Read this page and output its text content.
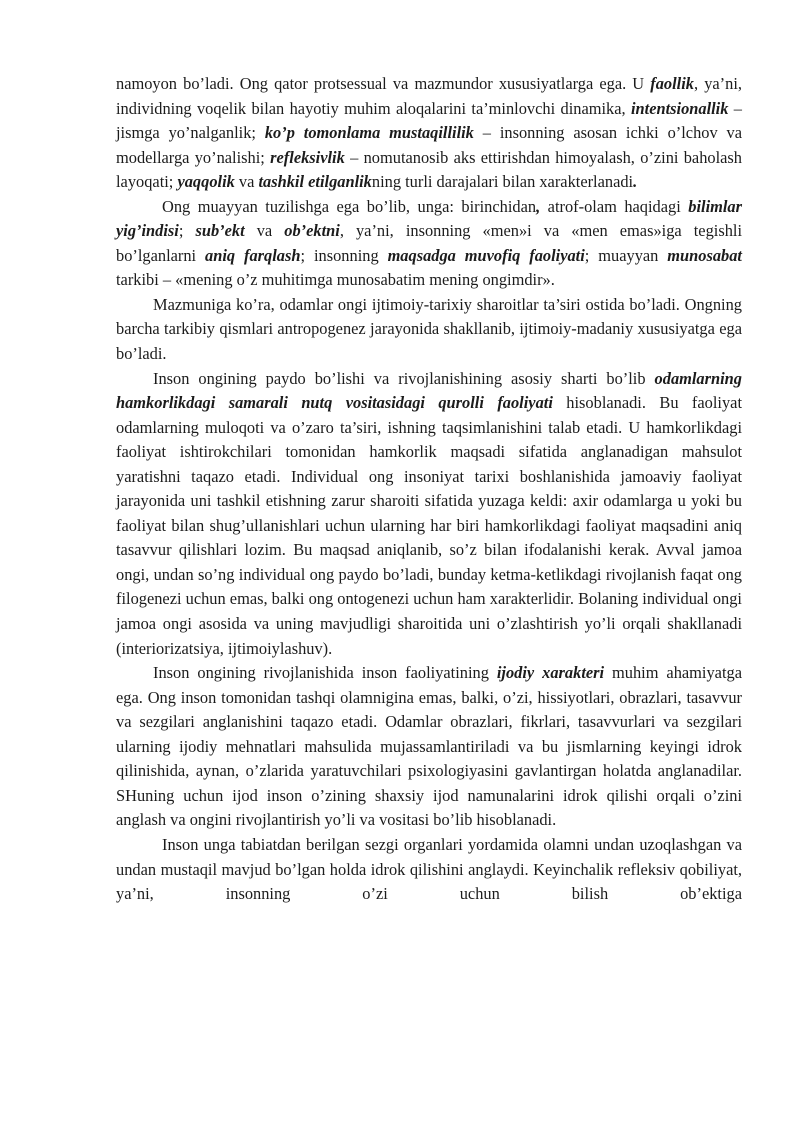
namoyon bo’ladi. Ong qator protsessual va mazmundor xususiyatlarga ega. U faollik, ya’ni, individning voqelik bilan hayotiy muhim aloqalarini ta’minlovchi dinamika, intentsionallik – jismga yo’nalganlik; ko’p tomonlama mustaqillilik – insonning asosan ichki o’lchov va modellarga yo’nalishi; refleksivlik – nomutanosib aks ettirishdan himoyalash, o’zini baholash layoqati; yaqqolik va tashkil etilganlikning turli darajalari bilan xarakterlanadi.

Ong muayyan tuzilishga ega bo’lib, unga: birinchidan, atrof-olam haqidagi bilimlar yig’indisi; sub’ekt va ob’ektni, ya’ni, insonning «men»i va «men emas»iga tegishli bo’lganlarni aniq farqlash; insonning maqsadga muvofiq faoliyati; muayyan munosabat tarkibi – «mening o’z muhitimga munosabatim mening ongimdir».

Mazmuniga ko’ra, odamlar ongi ijtimoiy-tarixiy sharoitlar ta’siri ostida bo’ladi. Ongning barcha tarkibiy qismlari antropogenez jarayonida shakllanib, ijtimoiy-madaniy xususiyatga ega bo’ladi.

Inson ongining paydo bo’lishi va rivojlanishining asosiy sharti bo’lib odamlarning hamkorlikdagi samarali nutq vositasidagi qurolli faoliyati hisoblanadi. Bu faoliyat odamlarning muloqoti va o’zaro ta’siri, ishning taqsimlanishini talab etadi. U hamkorlikdagi faoliyat ishtirokchilari tomonidan hamkorlik maqsadi sifatida anglanadigan mahsulot yaratishni taqazo etadi. Individual ong insoniyat tarixi boshlanishida jamoaviy faoliyat jarayonida uni tashkil etishning zarur sharoiti sifatida yuzaga keldi: axir odamlarga u yoki bu faoliyat bilan shug’ullanishlari uchun ularning har biri hamkorlikdagi faoliyat maqsadini aniq tasavvur qilishlari lozim. Bu maqsad aniqlanib, so’z bilan ifodalanishi kerak. Avval jamoa ongi, undan so’ng individual ong paydo bo’ladi, bunday ketma-ketlikdagi rivojlanish faqat ong filogenezi uchun emas, balki ong ontogenezi uchun ham xarakterlidir. Bolaning individual ongi jamoa ongi asosida va uning mavjudligi sharoitida uni o’zlashtirish yo’li orqali shakllanadi (interiorizatsiya, ijtimoiylashuv).

Inson ongining rivojlanishida inson faoliyatining ijodiy xarakteri muhim ahamiyatga ega. Ong inson tomonidan tashqi olamnigina emas, balki, o’zi, hissiyotlari, obrazlari, tasavvur va sezgilari anglanishini taqazo etadi. Odamlar obrazlari, fikrlari, tasavvurlari va sezgilari ularning ijodiy mehnatlari mahsulida mujassamlantiriladi va bu jismlarning keyingi idrok qilinishida, aynan, o’zlarida yaratuvchilari psixologiyasini gavlantirgan holatda anglanadilar. SHuning uchun ijod inson o’zining shaxsiy ijod namunalarini idrok qilishi orqali o’zini anglash va ongini rivojlantirish yo’li va vositasi bo’lib hisoblanadi.

Inson unga tabiatdan berilgan sezgi organlari yordamida olamni undan uzoqlashgan va undan mustaqil mavjud bo’lgan holda idrok qilishini anglaydi. Keyinchalik refleksiv qobiliyat, ya’ni, insonning o’zi uchun bilish ob’ektiga
